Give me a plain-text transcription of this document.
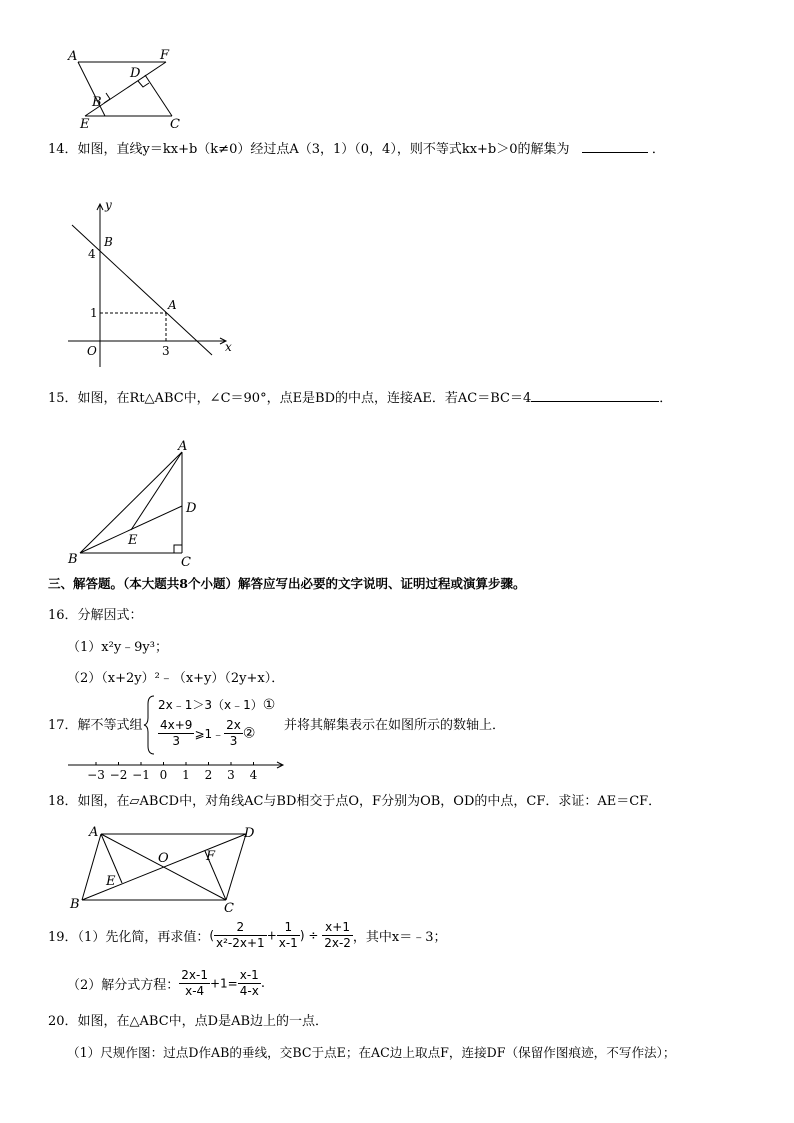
A	F
D
B
E	C
14．如图，直线y＝kx+b（k≠0）经过点A（3，1）（0，4），则不等式kx+b＞0的解集为	．
y
x
O
B
A
4
1
3
15．如图，在Rt△ABC中，∠C＝90°，点E是BD的中点，连接AE．若AC＝BC＝4	．
A
D
E
B	C
三、解答题。（本大题共8个小题）解答应写出必要的文字说明、证明过程或演算步骤。
16．分解因式：
（1）x²y﹣9y³；
（2）（x+2y）²﹣（x+y）（2y+x）．
17．解不等式组
2x﹣1＞3（x﹣1）①
$\frac{4x+9}{3}$ ⩾1﹣ $\frac{2x}{3}$ ② 并将其解集表示在如图所示的数轴上．
−3 −2 −1 0 1 2 3 4
18．如图，在▱ABCD中，对角线AC与BD相交于点O，F分别为OB，OD的中点，CF．求证：AE＝CF．
A	D
O	F
E
B	C
19．（1）先化简，再求值：( $\frac{2}{\text{x²-2x+1}} + \frac{1}{x-1}$ ) ÷ $\frac{x+1}{2x-2}$ ，其中x＝﹣3；
（2）解分式方程： $\frac{2x-1}{x-4} +1= \frac{x-1}{4-x}$ .
20．如图，在△ABC中，点D是AB边上的一点．
（1）尺规作图：过点D作AB的垂线，交BC于点E；在AC边上取点F，连接DF（保留作图痕迹，不写作法）；
